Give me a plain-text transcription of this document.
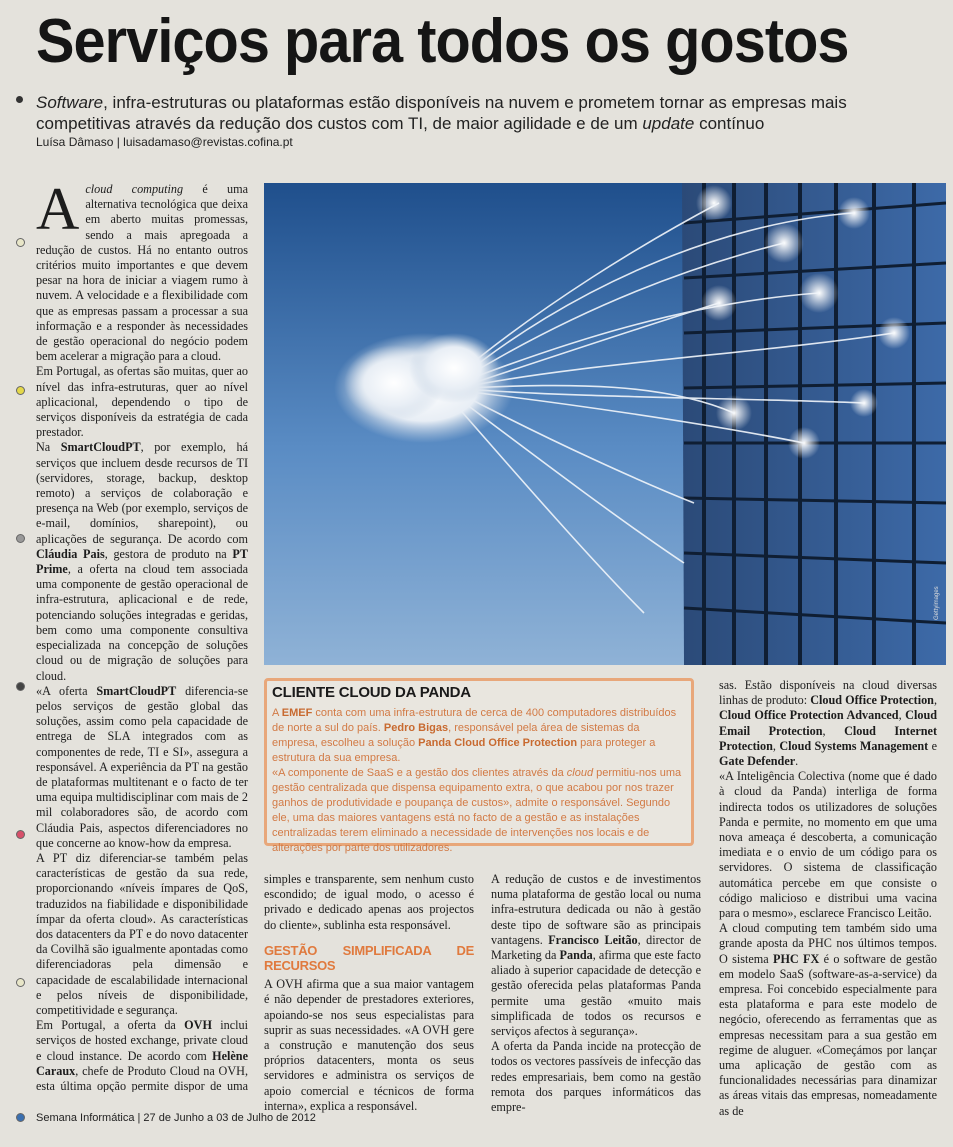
Serviços para todos os gostos
Software, infra-estruturas ou plataformas estão disponíveis na nuvem e prometem tornar as empresas mais competitivas através da redução dos custos com TI, de maior agilidade e de um update contínuo
Luísa Dâmaso | luisadamaso@revistas.cofina.pt

Acloud computing é uma alternativa tecnológica que deixa em aberto muitas promessas, sendo a mais apregoada a redução de custos. Há no entanto outros critérios muito importantes e que devem pesar na hora de iniciar a viagem rumo à nuvem. A velocidade e a flexibilidade com que as empresas passam a processar a sua informação e a responder às necessidades de gestão operacional do negócio podem bem acelerar a migração para a cloud.

Em Portugal, as ofertas são muitas, quer ao nível das infra-estruturas, quer ao nível aplicacional, dependendo o tipo de serviços disponíveis da estratégia de cada prestador.

Na SmartCloudPT, por exemplo, há serviços que incluem desde recursos de TI (servidores, storage, backup, desktop remoto) a serviços de colaboração e presença na Web (por exemplo, serviços de e-mail, domínios, sharepoint), ou aplicações de segurança. De acordo com Cláudia Pais, gestora de produto na PT Prime, a oferta na cloud tem associada uma componente de gestão operacional de infra-estrutura, aplicacional e de rede, potenciando soluções integradas e geridas, bem como uma componente consultiva especializada na concepção de soluções cloud ou de migração de soluções para cloud.

«A oferta SmartCloudPT diferencia-se pelos serviços de gestão global das soluções, assim como pela capacidade de entrega de SLA integrados com as componentes de rede, TI e SI», assegura a responsável. A experiência da PT na gestão de plataformas multitenant e o facto de ter uma equipa multidisciplinar com mais de 2 mil colaboradores são, de acordo com Cláudia Pais, aspectos diferenciadores no que concerne ao know-how da empresa.

A PT diz diferenciar-se também pelas características de gestão da sua rede, proporcionando «níveis ímpares de QoS, traduzidos na fiabilidade e disponibilidade ímpar da oferta cloud». As características dos datacenters da PT e do novo datacenter da Covilhã são igualmente apontadas como diferenciadoras pela dimensão e capacidade de escalabilidade internacional e pelos níveis de disponibilidade, competitividade e segurança.

Em Portugal, a oferta da OVH inclui serviços de hosted exchange, private cloud e cloud instance. De acordo com Helène Caraux, chefe de Produto Cloud na OVH, esta última opção permite dispor de uma

Gettyimages
CLIENTE CLOUD DA PANDA
A EMEF conta com uma infra-estrutura de cerca de 400 computadores distribuídos de norte a sul do país. Pedro Bigas, responsável pela área de sistemas da empresa, escolheu a solução Panda Cloud Office Protection para proteger a estrutura da sua empresa.
«A componente de SaaS e a gestão dos clientes através da cloud permitiu-nos uma gestão centralizada que dispensa equipamento extra, o que acabou por nos trazer ganhos de produtividade e poupança de custos», admite o responsável. Segundo ele, uma das maiores vantagens está no facto de a gestão e as instalações centralizadas terem eliminado a necessidade de intervenções nos locais e de alterações por parte dos utilizadores.

simples e transparente, sem nenhum custo escondido; de igual modo, o acesso é privado e dedicado apenas aos projectos do cliente», sublinha esta responsável.

GESTÃO SIMPLIFICADA DE RECURSOS

A OVH afirma que a sua maior vantagem é não depender de prestadores exteriores, apoiando-se nos seus especialistas para suprir as suas necessidades. «A OVH gere a construção e manutenção dos seus próprios datacenters, monta os seus servidores e administra os serviços de apoio comercial e técnicos de forma interna», explica a responsável.

A redução de custos e de investimentos numa plataforma de gestão local ou numa infra-estrutura dedicada ou não à gestão deste tipo de software são as principais vantagens. Francisco Leitão, director de Marketing da Panda, afirma que este facto aliado à superior capacidade de detecção e gestão oferecida pelas plataformas Panda permite uma gestão «muito mais simplificada de todos os recursos e serviços afectos à segurança».

A oferta da Panda incide na protecção de todos os vectores passíveis de infecção das redes empresariais, bem como na gestão remota dos parques informáticos das empre-

sas. Estão disponíveis na cloud diversas linhas de produto: Cloud Office Protection, Cloud Office Protection Advanced, Cloud Email Protection, Cloud Internet Protection, Cloud Systems Management e Gate Defender.

«A Inteligência Colectiva (nome que é dado à cloud da Panda) interliga de forma indirecta todos os utilizadores de soluções Panda e permite, no momento em que uma nova ameaça é descoberta, a comunicação imediata e o envio de um código para os servidores. O sistema de classificação automática percebe em que consiste o código malicioso e distribui uma vacina para o mesmo», esclarece Francisco Leitão.

A cloud computing tem também sido uma grande aposta da PHC nos últimos tempos. O sistema PHC FX é o software de gestão em modelo SaaS (software-as-a-service) da empresa. Foi concebido especialmente para esta plataforma e para este modelo de negócio, oferecendo as ferramentas que as empresas necessitam para a sua gestão em regime de aluguer. «Começámos por lançar uma aplicação de gestão com as funcionalidades necessárias para dinamizar as áreas vitais das empresas, nomeadamente as de

Semana Informática | 27 de Junho a 03 de Julho de 2012
